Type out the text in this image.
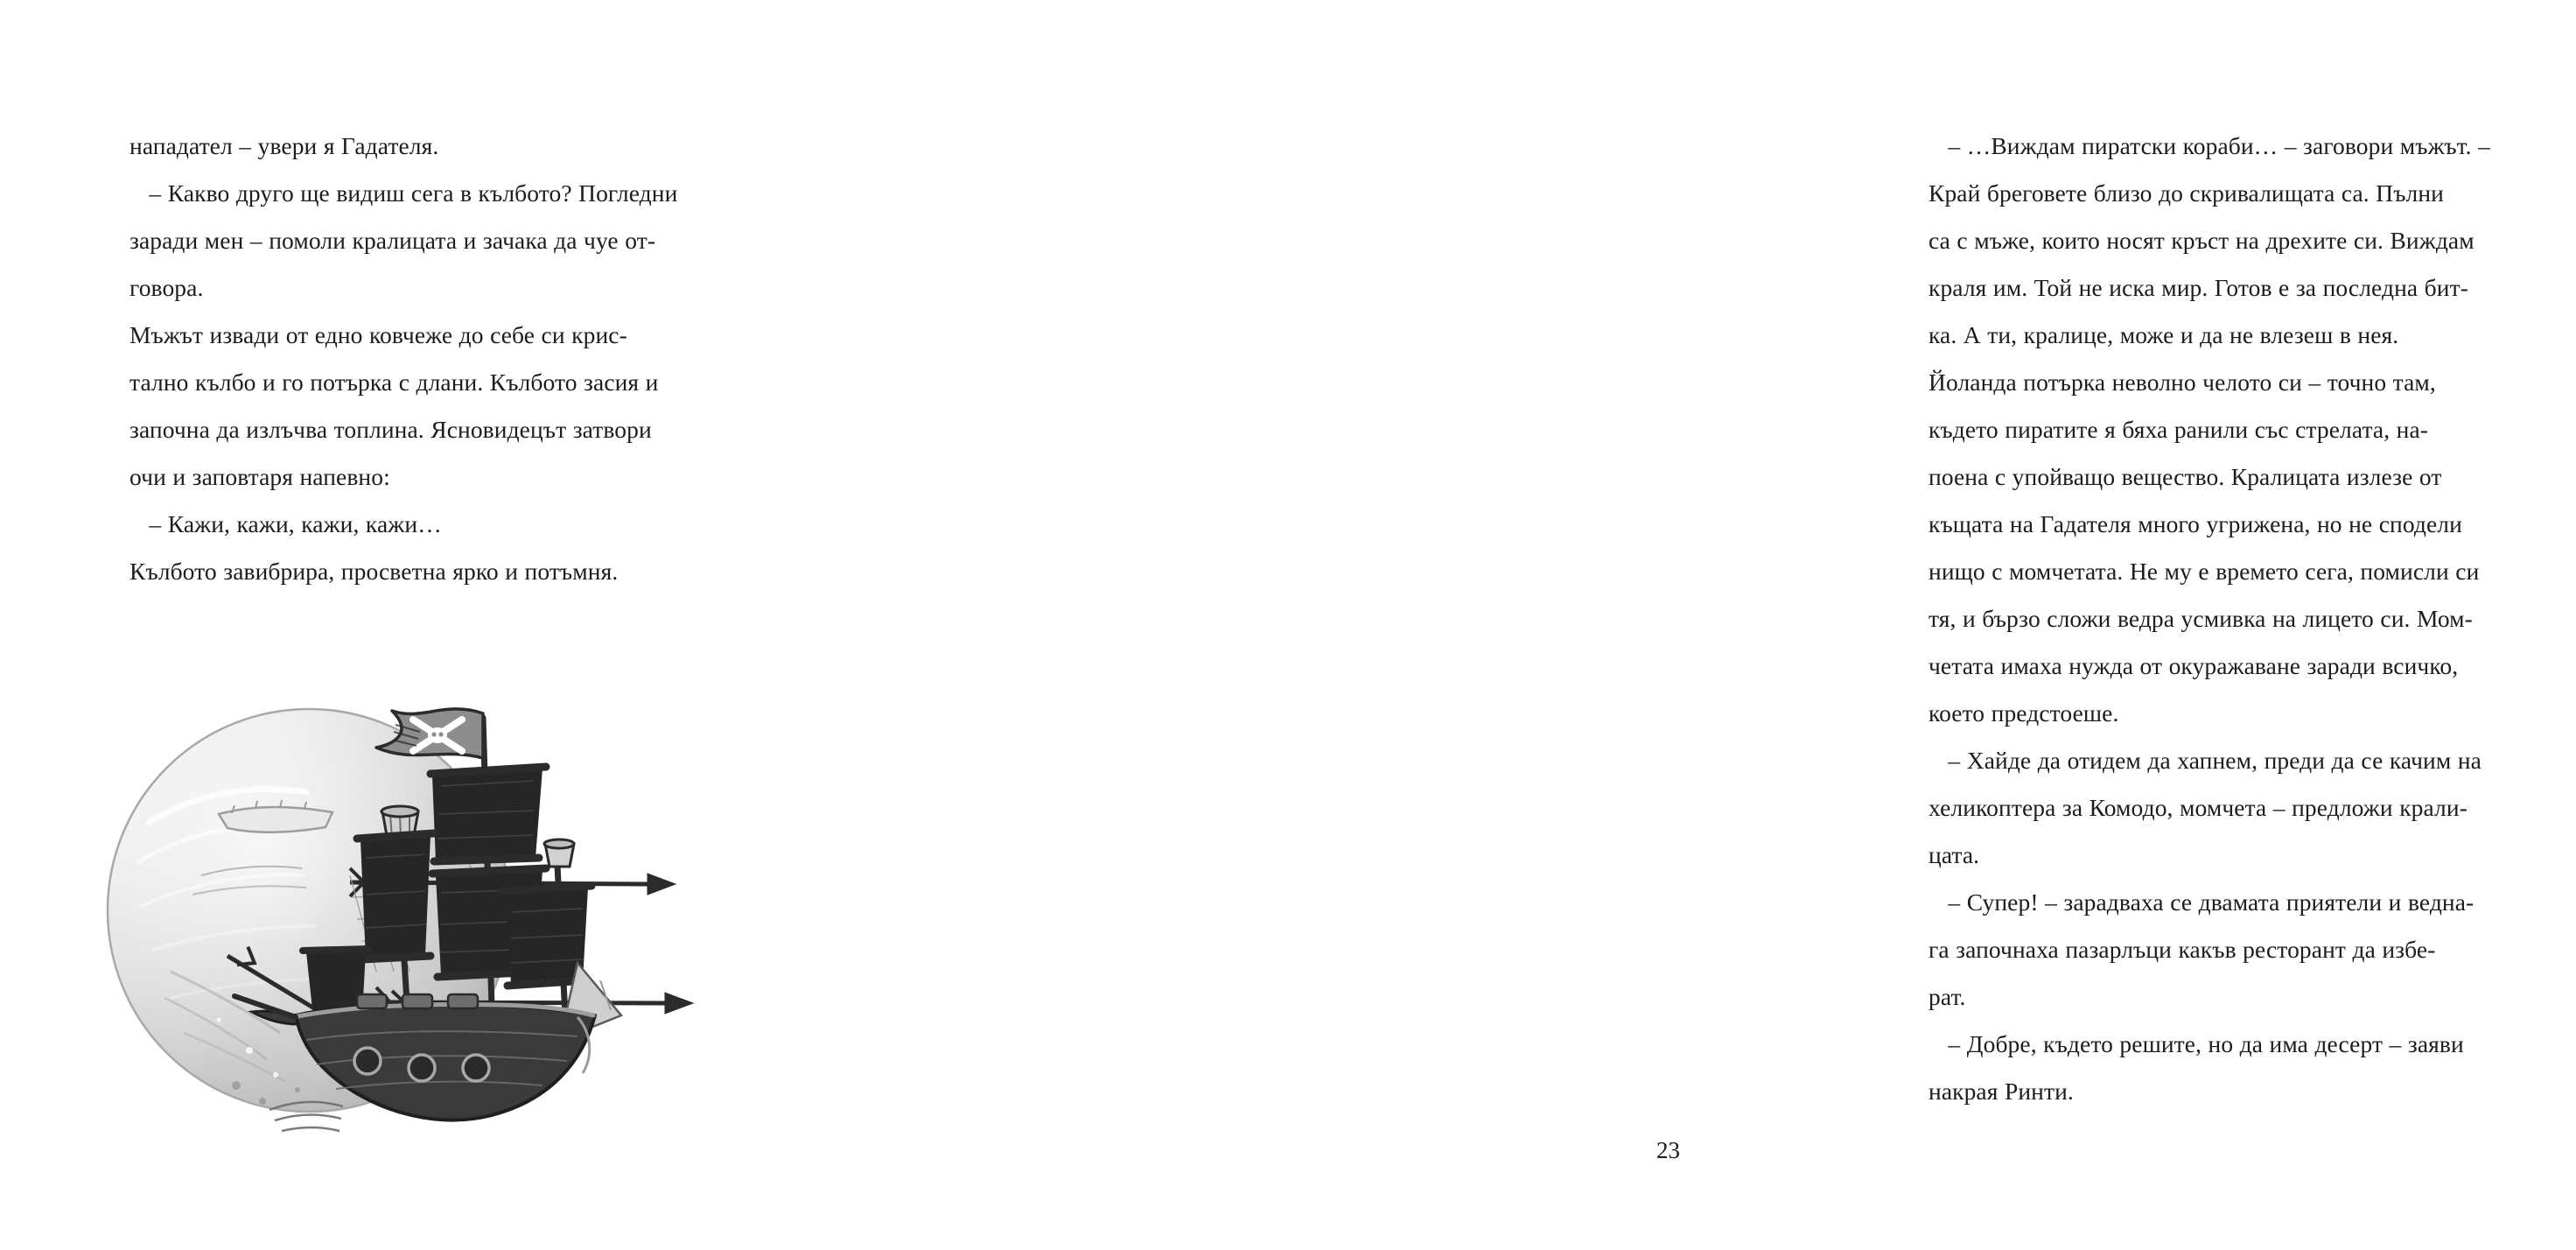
нападател – увери я Гадателя.
– Какво друго ще видиш сега в кълбото? Погледни
заради мен – помоли кралицата и зачака да чуе от-
говора.
Мъжът извади от едно ковчеже до себе си крис-
тално кълбо и го потърка с длани. Кълбото засия и
започна да излъчва топлина. Ясновидецът затвори
очи и заповтаря напевно:
– Кажи, кажи, кажи, кажи…
Кълбото завибрира, просветна ярко и потъмня.
– …Виждам пиратски кораби… – заговори мъжът. –
Край бреговете близо до скривалищата са. Пълни
са с мъже, които носят кръст на дрехите си. Виждам
краля им. Той не иска мир. Готов е за последна бит-
ка. А ти, кралице, може и да не влезеш в нея.
Йоланда потърка неволно челото си – точно там,
където пиратите я бяха ранили със стрелата, на-
поена с упойващо вещество. Кралицата излезе от
къщата на Гадателя много угрижена, но не сподели
нищо с момчетата. Не му е времето сега, помисли си
тя, и бързо сложи ведра усмивка на лицето си. Мом-
четата имаха нужда от окуражаване заради всичко,
което предстоеше.
– Хайде да отидем да хапнем, преди да се качим на
хеликоптера за Комодо, момчета – предложи крали-
цата.
– Супер! – зарадваха се двамата приятели и ведна-
га започнаха пазарлъци какъв ресторант да избе-
рат.
– Добре, където решите, но да има десерт – заяви
накрая Ринти.
23
